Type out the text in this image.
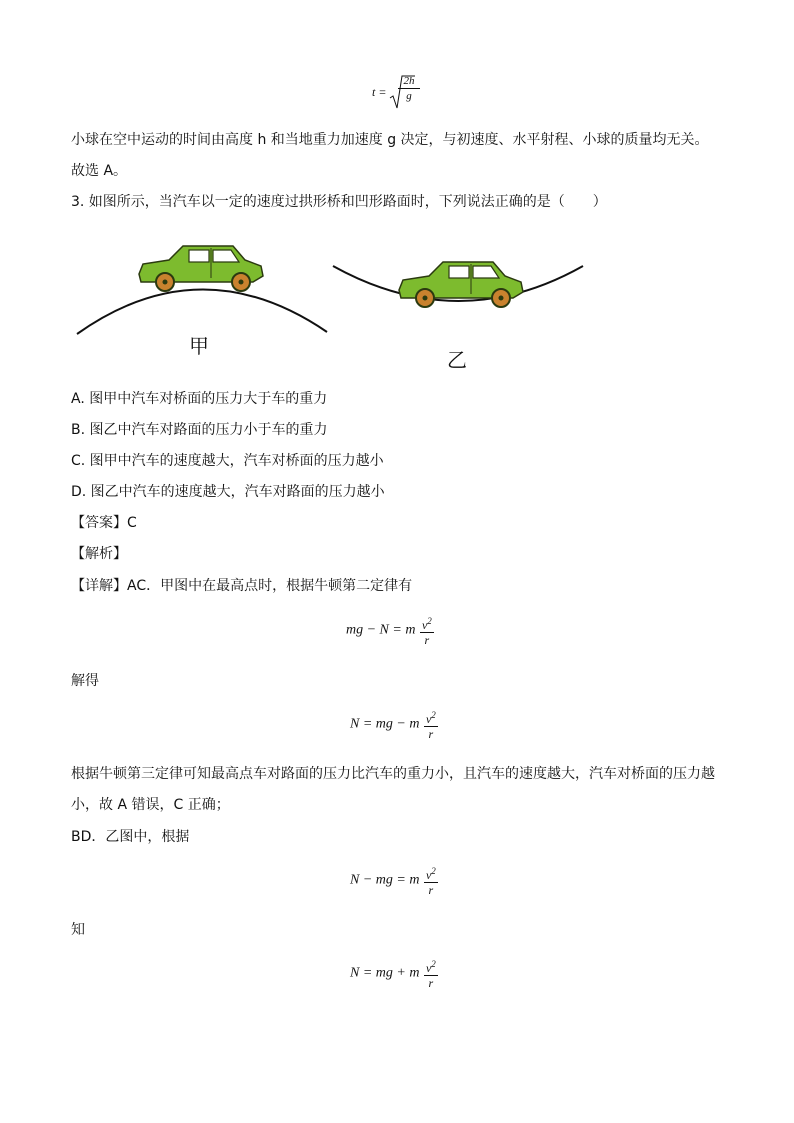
t =	$\frac{2h}{g}$
小球在空中运动的时间由高度 h 和当地重力加速度 g 决定，与初速度、水平射程、小球的质量均无关。
故选 A。
3. 如图所示，当汽车以一定的速度过拱形桥和凹形路面时，下列说法正确的是（　　）
甲
乙
A. 图甲中汽车对桥面的压力大于车的重力
B. 图乙中汽车对路面的压力小于车的重力
C. 图甲中汽车的速度越大，汽车对桥面的压力越小
D. 图乙中汽车的速度越大，汽车对路面的压力越小
【答案】C
【解析】
【详解】AC．甲图中在最高点时，根据牛顿第二定律有
mg − N = m $\frac{v^2}{r}$
解得
N = mg − m $\frac{v^2}{r}$
根据牛顿第三定律可知最高点车对路面的压力比汽车的重力小，且汽车的速度越大，汽车对桥面的压力越
小，故 A 错误，C 正确；
BD．乙图中，根据
N − mg = m $\frac{v^2}{r}$
知
N = mg + m $\frac{v^2}{r}$
